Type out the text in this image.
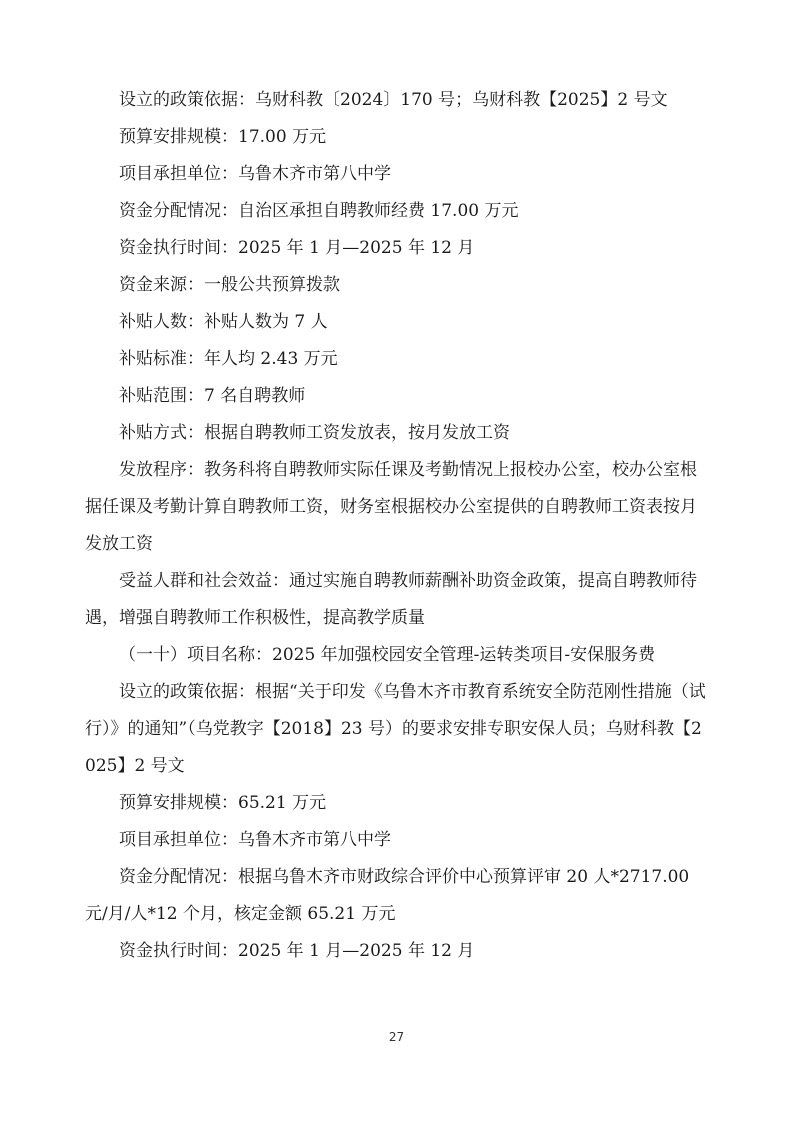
设立的政策依据：乌财科教〔2024〕170 号；乌财科教【2025】2 号文

预算安排规模：17.00 万元

项目承担单位：乌鲁木齐市第八中学

资金分配情况：自治区承担自聘教师经费 17.00 万元

资金执行时间：2025 年 1 月—2025 年 12 月

资金来源：一般公共预算拨款

补贴人数：补贴人数为 7 人

补贴标准：年人均 2.43 万元

补贴范围：7 名自聘教师

补贴方式：根据自聘教师工资发放表，按月发放工资

发放程序：教务科将自聘教师实际任课及考勤情况上报校办公室，校办公室根据任课及考勤计算自聘教师工资，财务室根据校办公室提供的自聘教师工资表按月发放工资

受益人群和社会效益：通过实施自聘教师薪酬补助资金政策，提高自聘教师待遇，增强自聘教师工作积极性，提高教学质量

（一十）项目名称：2025 年加强校园安全管理-运转类项目-安保服务费

设立的政策依据：根据“关于印发《乌鲁木齐市教育系统安全防范刚性措施（试行）》的通知”（乌党教字【2018】23 号）的要求安排专职安保人员；乌财科教【2025】2 号文

预算安排规模：65.21 万元

项目承担单位：乌鲁木齐市第八中学

资金分配情况：根据乌鲁木齐市财政综合评价中心预算评审 20 人*2717.00 元/月/人*12 个月，核定金额 65.21 万元

资金执行时间：2025 年 1 月—2025 年 12 月

27
